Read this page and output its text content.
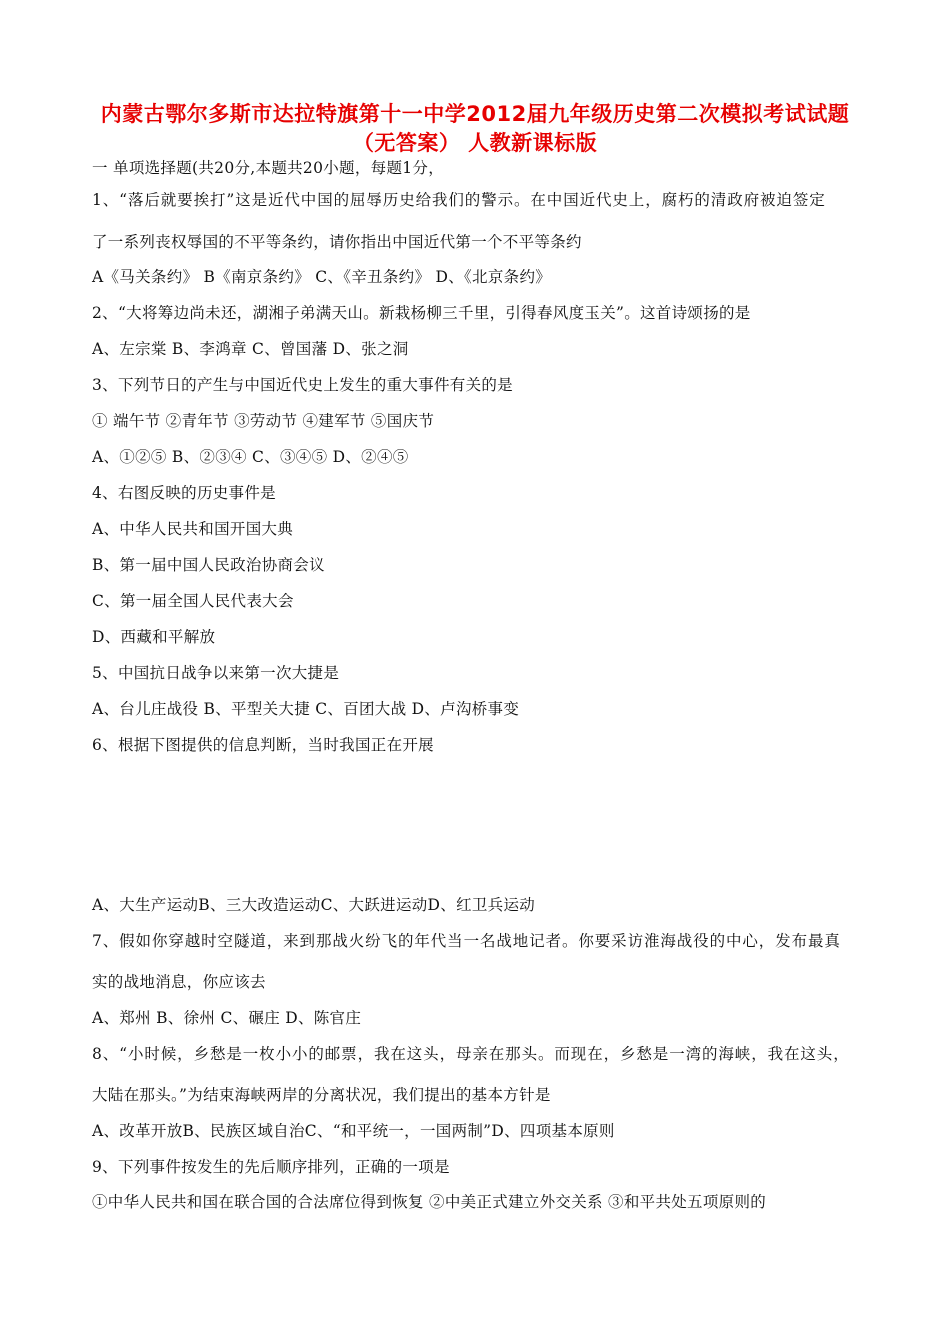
内蒙古鄂尔多斯市达拉特旗第十一中学2012届九年级历史第二次模拟考试试题
（无答案） 人教新课标版
一 单项选择题(共20分,本题共20小题，每题1分，
1、“落后就要挨打”这是近代中国的屈辱历史给我们的警示。在中国近代史上，腐朽的清政府被迫签定
了一系列丧权辱国的不平等条约，请你指出中国近代第一个不平等条约
A《马关条约》 B《南京条约》 C、《辛丑条约》 D、《北京条约》
2、“大将筹边尚未还，湖湘子弟满天山。新栽杨柳三千里，引得春风度玉关”。这首诗颂扬的是
A、左宗棠 B、李鸿章 C、曾国藩 D、张之洞
3、下列节日的产生与中国近代史上发生的重大事件有关的是
① 端午节 ②青年节 ③劳动节 ④建军节 ⑤国庆节
A、①②⑤ B、②③④ C、③④⑤ D、②④⑤
4、右图反映的历史事件是
A、中华人民共和国开国大典
B、第一届中国人民政治协商会议
C、第一届全国人民代表大会
D、西藏和平解放
5、中国抗日战争以来第一次大捷是
A、台儿庄战役 B、平型关大捷 C、百团大战 D、卢沟桥事变
6、根据下图提供的信息判断，当时我国正在开展
A、大生产运动B、三大改造运动C、大跃进运动D、红卫兵运动
7、假如你穿越时空隧道，来到那战火纷飞的年代当一名战地记者。你要采访淮海战役的中心，发布最真
实的战地消息，你应该去
A、郑州 B、徐州 C、碾庄 D、陈官庄
8、“小时候，乡愁是一枚小小的邮票，我在这头，母亲在那头。而现在，乡愁是一湾的海峡，我在这头，
大陆在那头。”为结束海峡两岸的分离状况，我们提出的基本方针是
A、改革开放B、民族区域自治C、“和平统一，一国两制”D、四项基本原则
9、下列事件按发生的先后顺序排列，正确的一项是
①中华人民共和国在联合国的合法席位得到恢复 ②中美正式建立外交关系 ③和平共处五项原则的
